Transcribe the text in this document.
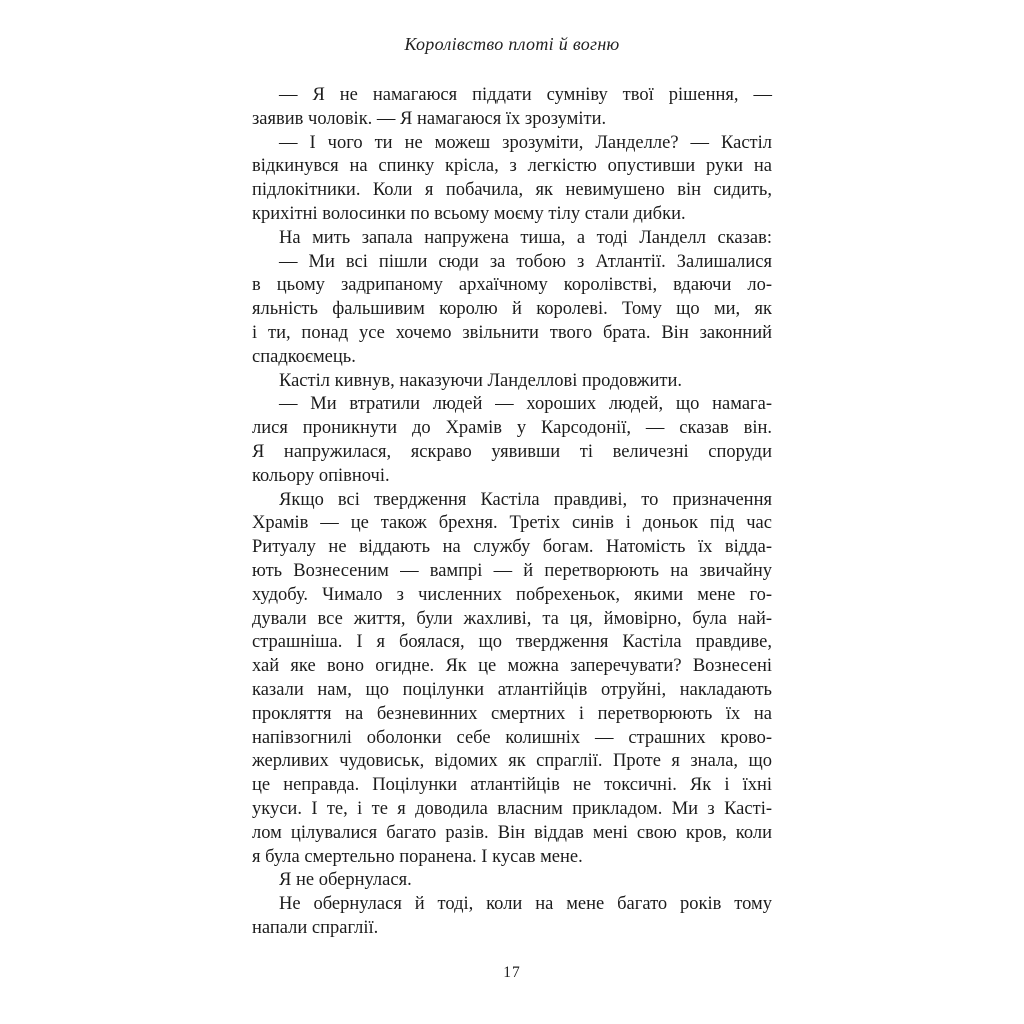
Королівство плоті й вогню
— Я не намагаюся піддати сумніву твої рішення, —
заявив чоловік. — Я намагаюся їх зрозуміти.
— І чого ти не можеш зрозуміти, Ланделле? — Кастіл
відкинувся на спинку крісла, з легкістю опустивши руки на
підлокітники. Коли я побачила, як невимушено він сидить,
крихітні волосинки по всьому моєму тілу стали дибки.
На мить запала напружена тиша, а тоді Ланделл сказав:
— Ми всі пішли сюди за тобою з Атлантії. Залишалися
в цьому задрипаному архаїчному королівстві, вдаючи ло-
яльність фальшивим королю й королеві. Тому що ми, як
і ти, понад усе хочемо звільнити твого брата. Він законний
спадкоємець.
Кастіл кивнув, наказуючи Ланделлові продовжити.
— Ми втратили людей — хороших людей, що намага-
лися проникнути до Храмів у Карсодонії, — сказав він.
Я напружилася, яскраво уявивши ті величезні споруди
кольору опівночі.
Якщо всі твердження Кастіла правдиві, то призначення
Храмів — це також брехня. Третіх синів і доньок під час
Ритуалу не віддають на службу богам. Натомість їх відда-
ють Вознесеним — вампрі — й перетворюють на звичайну
худобу. Чимало з численних побрехеньок, якими мене го-
дували все життя, були жахливі, та ця, ймовірно, була най-
страшніша. І я боялася, що твердження Кастіла правдиве,
хай яке воно огидне. Як це можна заперечувати? Вознесені
казали нам, що поцілунки атлантійців отруйні, накладають
прокляття на безневинних смертних і перетворюють їх на
напівзогнилі оболонки себе колишніх — страшних крово-
жерливих чудовиськ, відомих як спраглії. Проте я знала, що
це неправда. Поцілунки атлантійців не токсичні. Як і їхні
укуси. І те, і те я доводила власним прикладом. Ми з Касті-
лом цілувалися багато разів. Він віддав мені свою кров, коли
я була смертельно поранена. І кусав мене.
Я не обернулася.
Не обернулася й тоді, коли на мене багато років тому
напали спраглії.
17
